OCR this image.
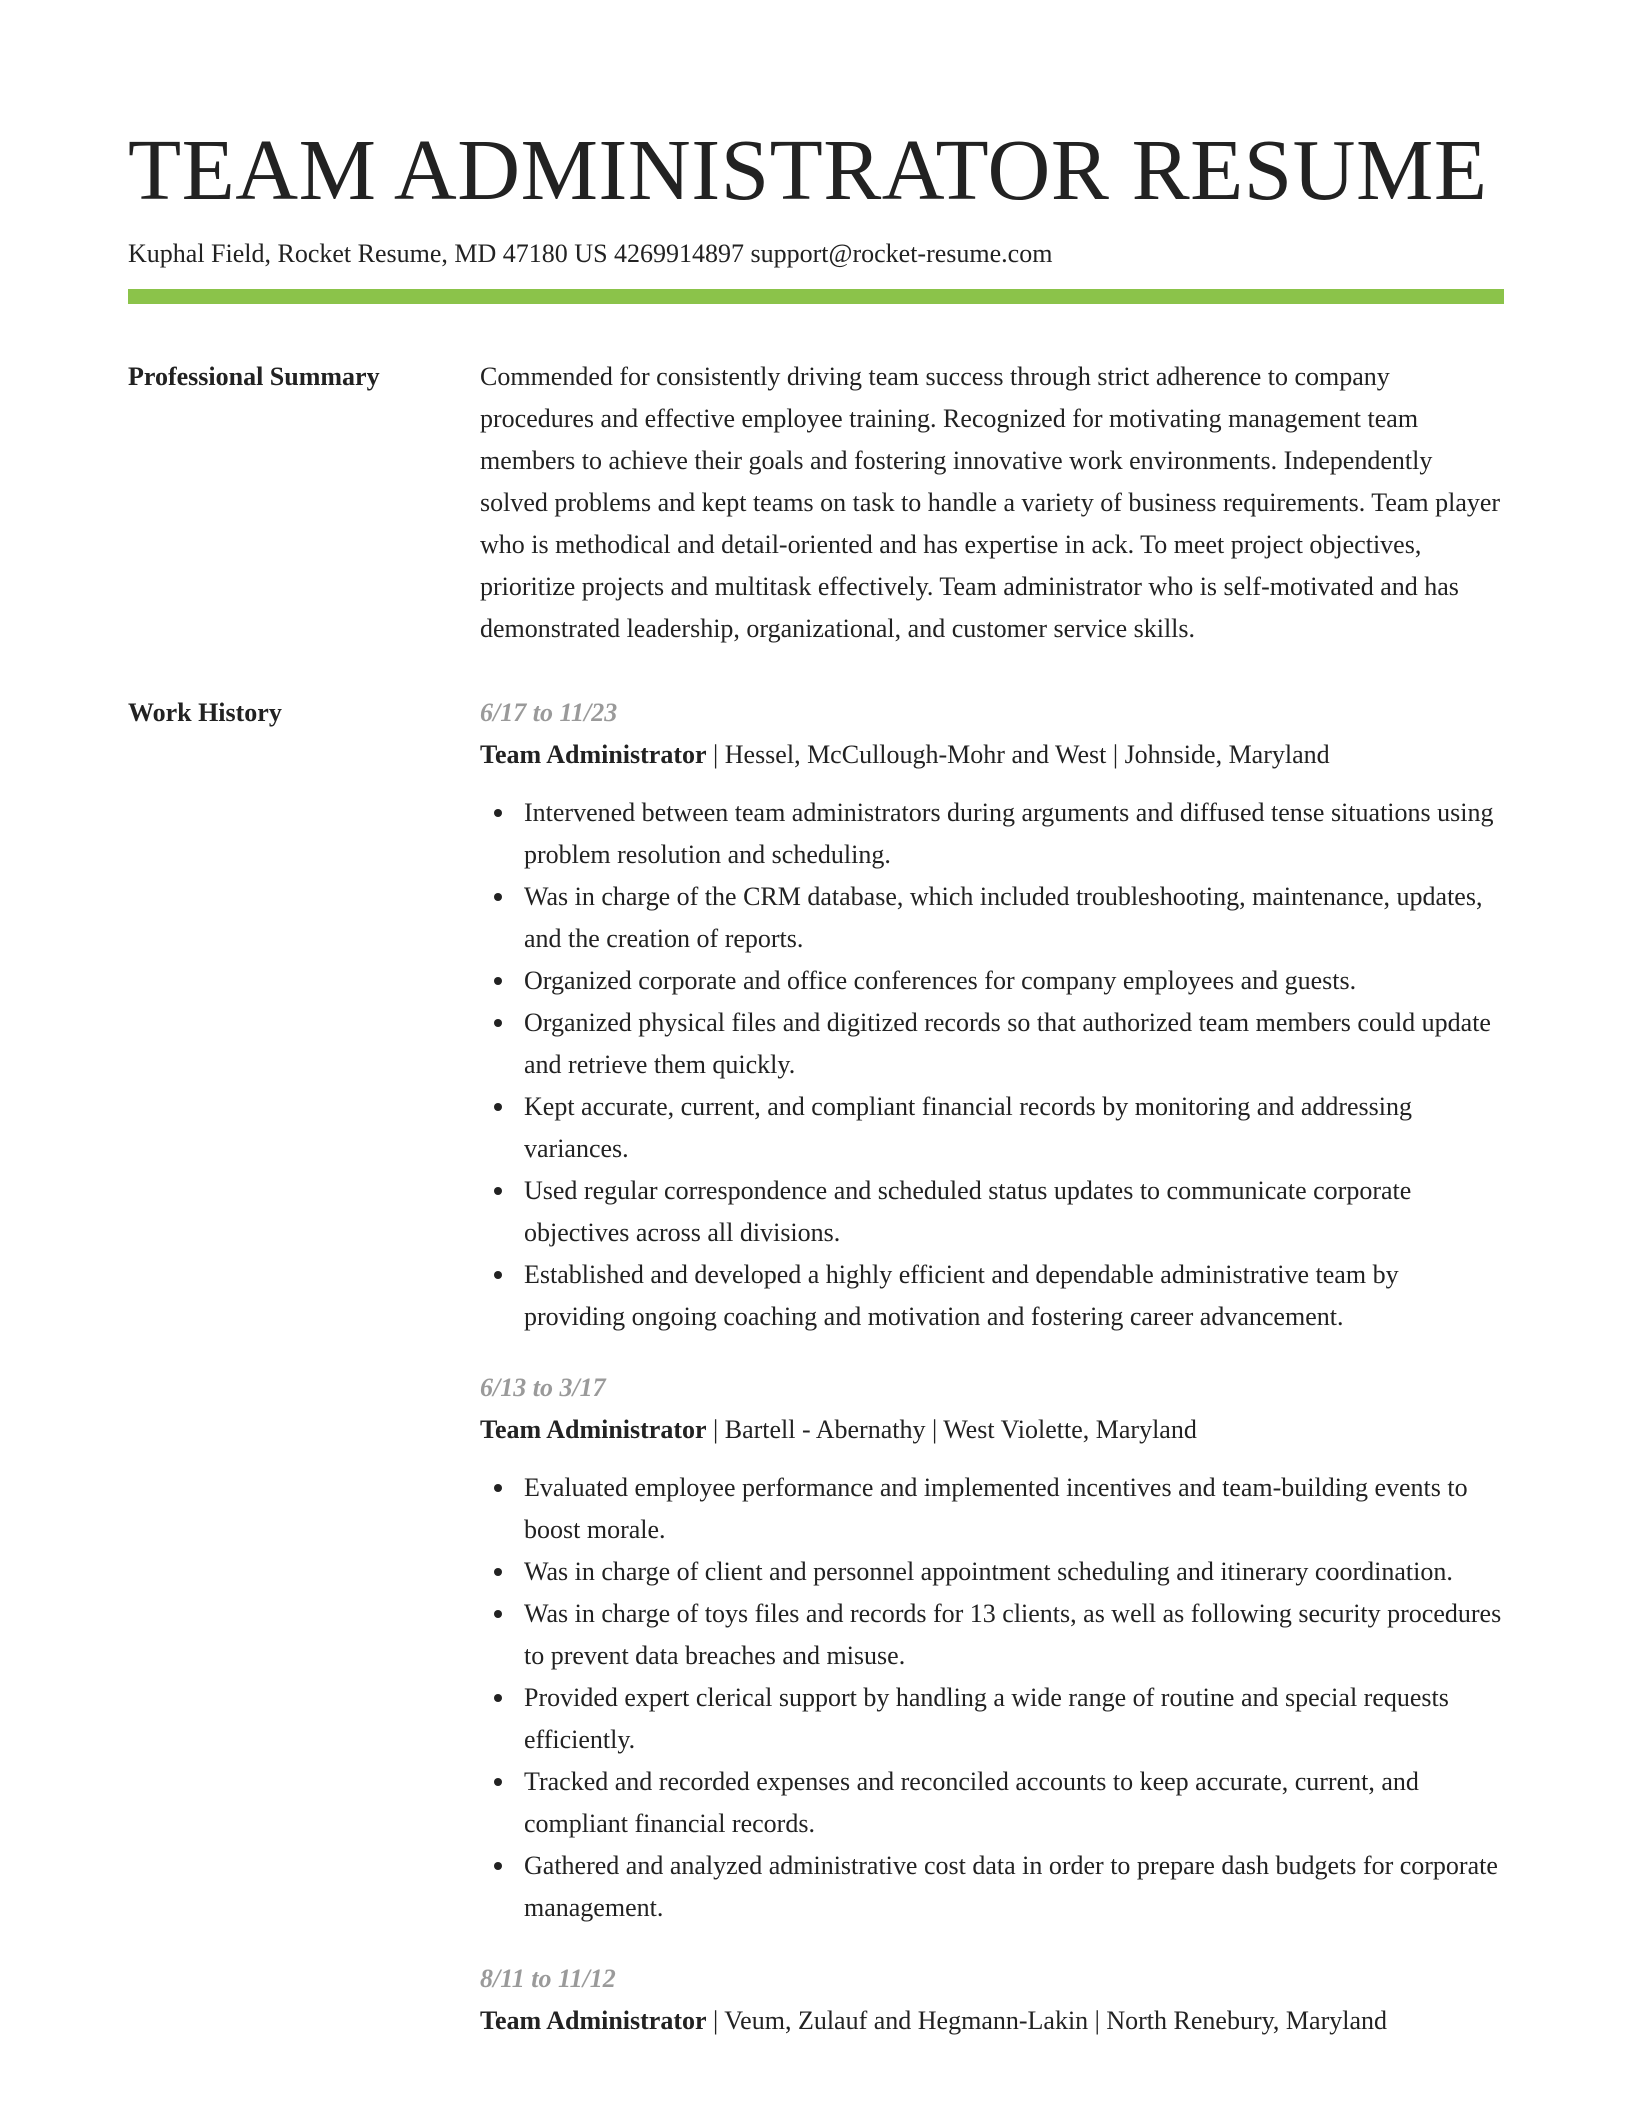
TEAM ADMINISTRATOR RESUME
Kuphal Field, Rocket Resume, MD 47180 US 4269914897 support@rocket-resume.com
Professional Summary	Commended for consistently driving team success through strict adherence to company procedures and effective employee training. Recognized for motivating management team members to achieve their goals and fostering innovative work environments. Independently solved problems and kept teams on task to handle a variety of business requirements. Team player who is methodical and detail-oriented and has expertise in ack. To meet project objectives, prioritize projects and multitask effectively. Team administrator who is self-motivated and has demonstrated leadership, organizational, and customer service skills.

Work History	6/17 to 11/23
Team Administrator | Hessel, McCullough-Mohr and West | Johnside, Maryland
Intervened between team administrators during arguments and diffused tense situations using problem resolution and scheduling.
Was in charge of the CRM database, which included troubleshooting, maintenance, updates, and the creation of reports.
Organized corporate and office conferences for company employees and guests.
Organized physical files and digitized records so that authorized team members could update and retrieve them quickly.
Kept accurate, current, and compliant financial records by monitoring and addressing variances.
Used regular correspondence and scheduled status updates to communicate corporate objectives across all divisions.
Established and developed a highly efficient and dependable administrative team by providing ongoing coaching and motivation and fostering career advancement.
6/13 to 3/17
Team Administrator | Bartell - Abernathy | West Violette, Maryland
Evaluated employee performance and implemented incentives and team-building events to boost morale.
Was in charge of client and personnel appointment scheduling and itinerary coordination.
Was in charge of toys files and records for 13 clients, as well as following security procedures to prevent data breaches and misuse.
Provided expert clerical support by handling a wide range of routine and special requests efficiently.
Tracked and recorded expenses and reconciled accounts to keep accurate, current, and compliant financial records.
Gathered and analyzed administrative cost data in order to prepare dash budgets for corporate management.
8/11 to 11/12
Team Administrator | Veum, Zulauf and Hegmann-Lakin | North Renebury, Maryland
